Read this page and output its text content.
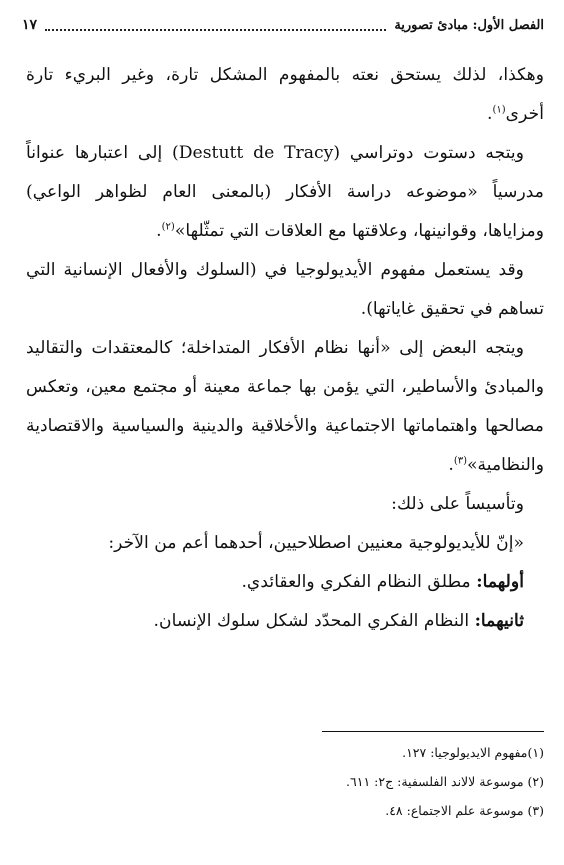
الفصل الأول: مبادئ تصورية
١٧

وهكذا، لذلك يستحق نعته بالمفهوم المشكل تارة، وغير البريء تارة أخرى$^{(١)}$.

ويتجه دستوت دوتراسي (Destutt de Tracy) إلى اعتبارها عنواناً مدرسياً «موضوعه دراسة الأفكار (بالمعنى العام لظواهر الواعي) ومزاياها، وقوانينها، وعلاقتها مع العلاقات التي تمثّلها»$^{(٢)}$.

وقد يستعمل مفهوم الأيديولوجيا في (السلوك والأفعال الإنسانية التي تساهم في تحقيق غاياتها).

ويتجه البعض إلى «أنها نظام الأفكار المتداخلة؛ كالمعتقدات والتقاليد والمبادئ والأساطير، التي يؤمن بها جماعة معينة أو مجتمع معين، وتعكس مصالحها واهتماماتها الاجتماعية والأخلاقية والدينية والسياسية والاقتصادية والنظامية»$^{(٣)}$.

وتأسيساً على ذلك:

«إنّ للأيديولوجية معنيين اصطلاحيين، أحدهما أعم من الآخر:

أولهما: مطلق النظام الفكري والعقائدي.

ثانيهما: النظام الفكري المحدّد لشكل سلوك الإنسان.

(١)مفهوم الايديولوجيا: ١٢٧.

(٢) موسوعة لالاند الفلسفية: ج٢: ٦١١.

(٣) موسوعة علم الاجتماع: ٤٨.
